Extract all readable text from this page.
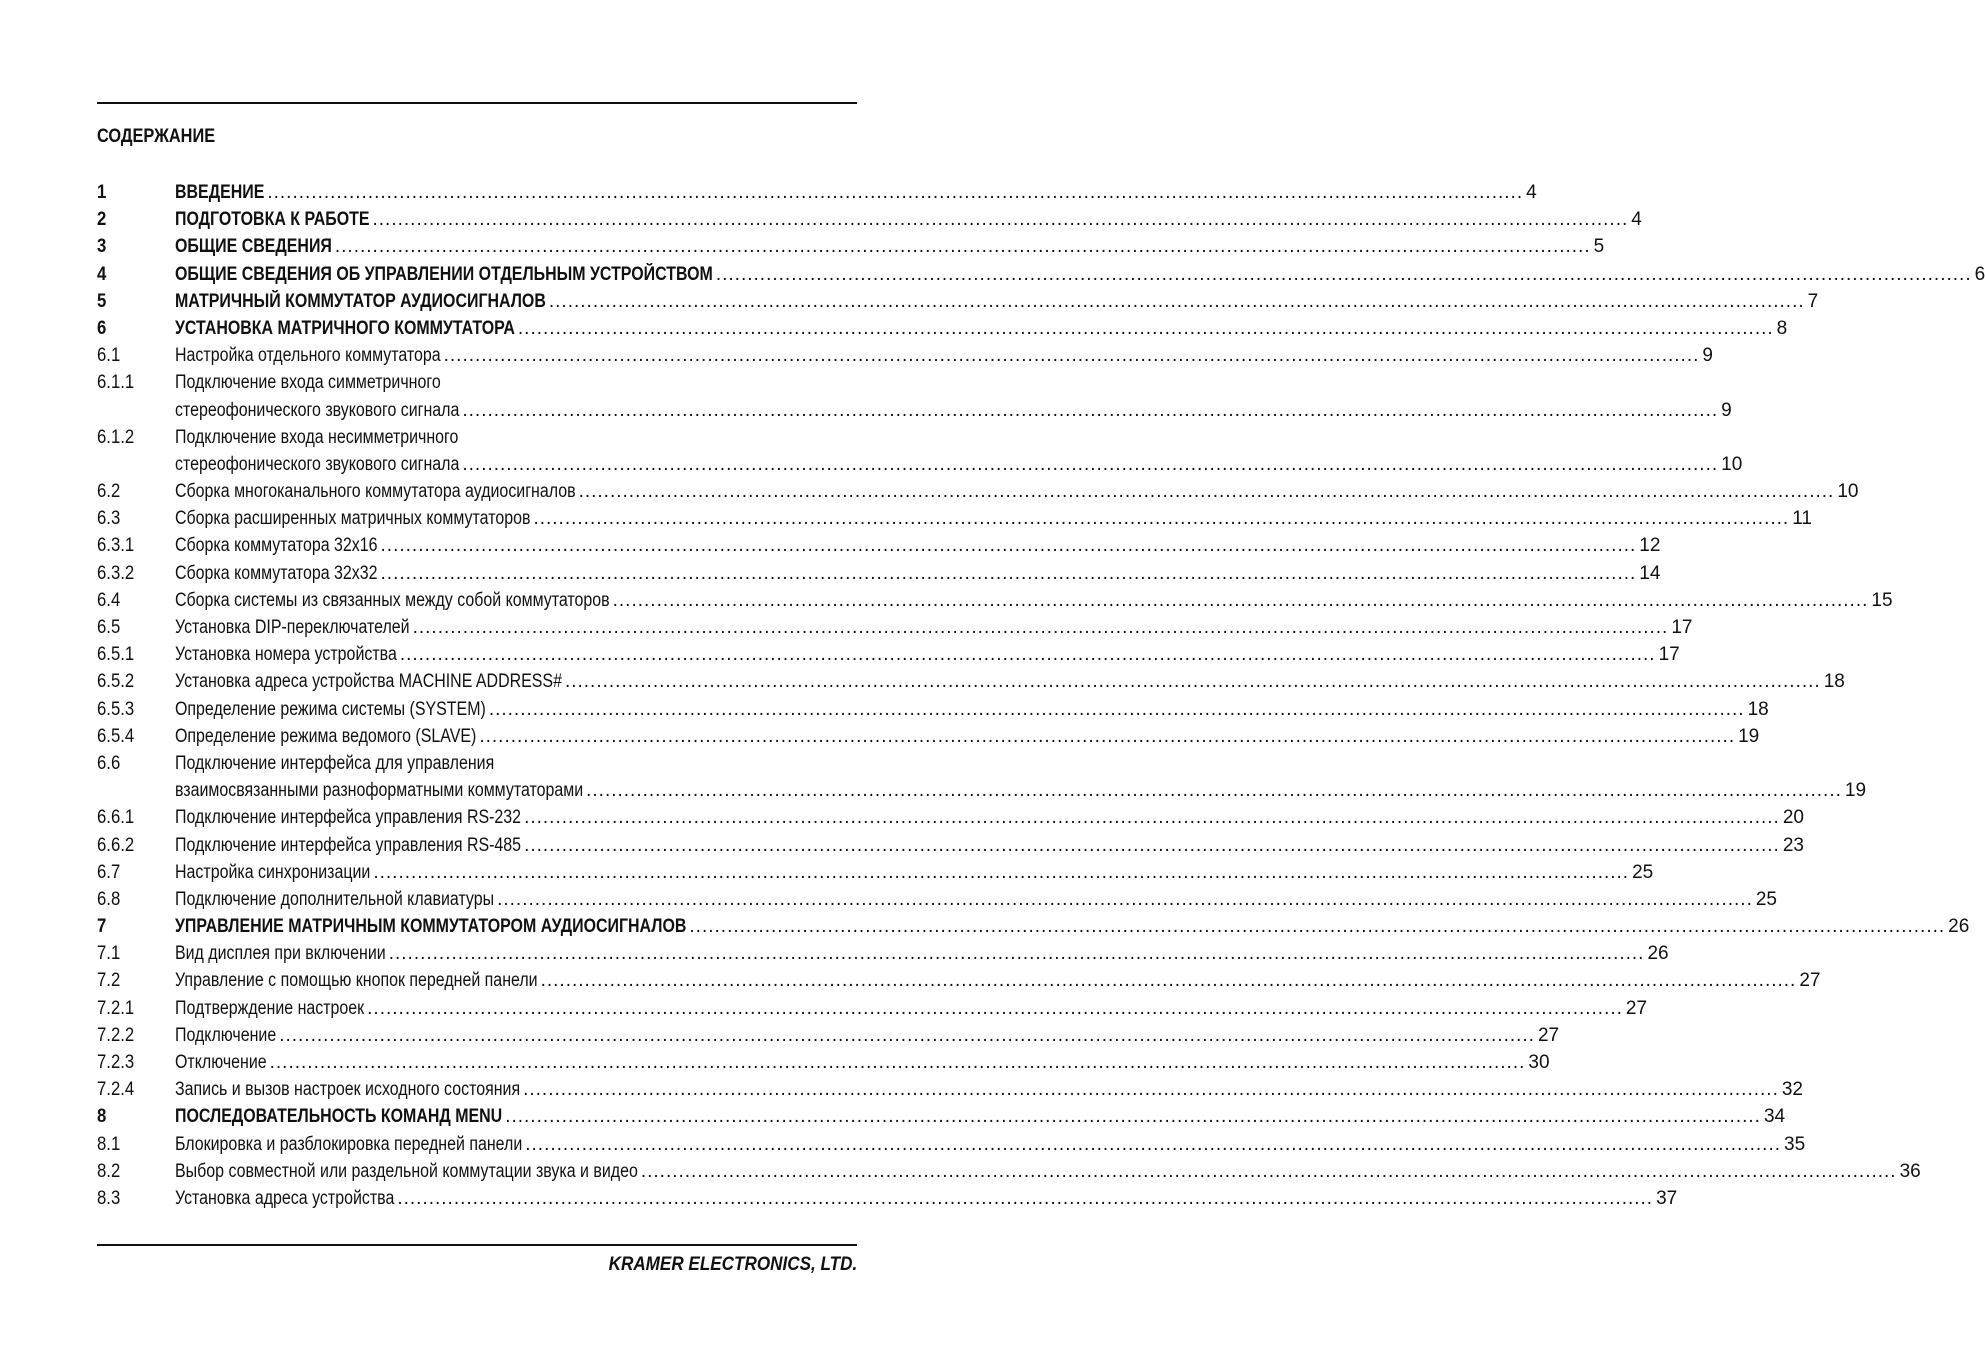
СОДЕРЖАНИЕ
1	ВВЕДЕНИЕ ........................................................................................................................................................................................................ 4
2	ПОДГОТОВКА К РАБОТЕ ........................................................................................................................................................................................................ 4
3	ОБЩИЕ СВЕДЕНИЯ ........................................................................................................................................................................................................ 5
4	ОБЩИЕ СВЕДЕНИЯ ОБ УПРАВЛЕНИИ ОТДЕЛЬНЫМ УСТРОЙСТВОМ ........................................................................................................................................................................................................ 6
5	МАТРИЧНЫЙ КОММУТАТОР АУДИОСИГНАЛОВ ........................................................................................................................................................................................................ 7
6	УСТАНОВКА МАТРИЧНОГО КОММУТАТОРА ........................................................................................................................................................................................................ 8
6.1	Настройка отдельного коммутатора ........................................................................................................................................................................................................ 9
6.1.1 Подключение входа симметричного
стереофонического звукового сигнала ........................................................................................................................................................................................................ 9
6.1.2 Подключение входа несимметричного
стереофонического звукового сигнала ........................................................................................................................................................................................................ 10
6.2	Сборка многоканального коммутатора аудиосигналов ........................................................................................................................................................................................................ 10
6.3	Сборка расширенных матричных коммутаторов ........................................................................................................................................................................................................ 11
6.3.1 Сборка коммутатора 32x16 ........................................................................................................................................................................................................ 12
6.3.2 Сборка коммутатора 32x32 ........................................................................................................................................................................................................ 14
6.4	Сборка системы из связанных между собой коммутаторов ........................................................................................................................................................................................................ 15
6.5	Установка DIP-переключателей ........................................................................................................................................................................................................ 17
6.5.1 Установка номера устройства ........................................................................................................................................................................................................ 17
6.5.2 Установка адреса устройства MACHINE ADDRESS# ........................................................................................................................................................................................................ 18
6.5.3 Определение режима системы (SYSTEM) ........................................................................................................................................................................................................ 18
6.5.4 Определение режима ведомого (SLAVE) ........................................................................................................................................................................................................ 19
6.6	Подключение интерфейса для управления
взаимосвязанными разноформатными коммутаторами ........................................................................................................................................................................................................ 19
6.6.1 Подключение интерфейса управления RS-232 ........................................................................................................................................................................................................ 20
6.6.2 Подключение интерфейса управления RS-485 ........................................................................................................................................................................................................ 23
6.7	Настройка синхронизации ........................................................................................................................................................................................................ 25
6.8	Подключение дополнительной клавиатуры ........................................................................................................................................................................................................ 25
7	УПРАВЛЕНИЕ МАТРИЧНЫМ КОММУТАТОРОМ АУДИОСИГНАЛОВ ........................................................................................................................................................................................................ 26
7.1	Вид дисплея при включении ........................................................................................................................................................................................................ 26
7.2	Управление с помощью кнопок передней панели ........................................................................................................................................................................................................ 27
7.2.1 Подтверждение настроек ........................................................................................................................................................................................................ 27
7.2.2 Подключение ........................................................................................................................................................................................................ 27
7.2.3 Отключение ........................................................................................................................................................................................................ 30
7.2.4 Запись и вызов настроек исходного состояния ........................................................................................................................................................................................................ 32
8	ПОСЛЕДОВАТЕЛЬНОСТЬ КОМАНД MENU ........................................................................................................................................................................................................ 34
8.1	Блокировка и разблокировка передней панели ........................................................................................................................................................................................................ 35
8.2	Выбор совместной или раздельной коммутации звука и видео ........................................................................................................................................................................................................ 36
8.3	Установка адреса устройства ........................................................................................................................................................................................................ 37
KRAMER ELECTRONICS, LTD.
